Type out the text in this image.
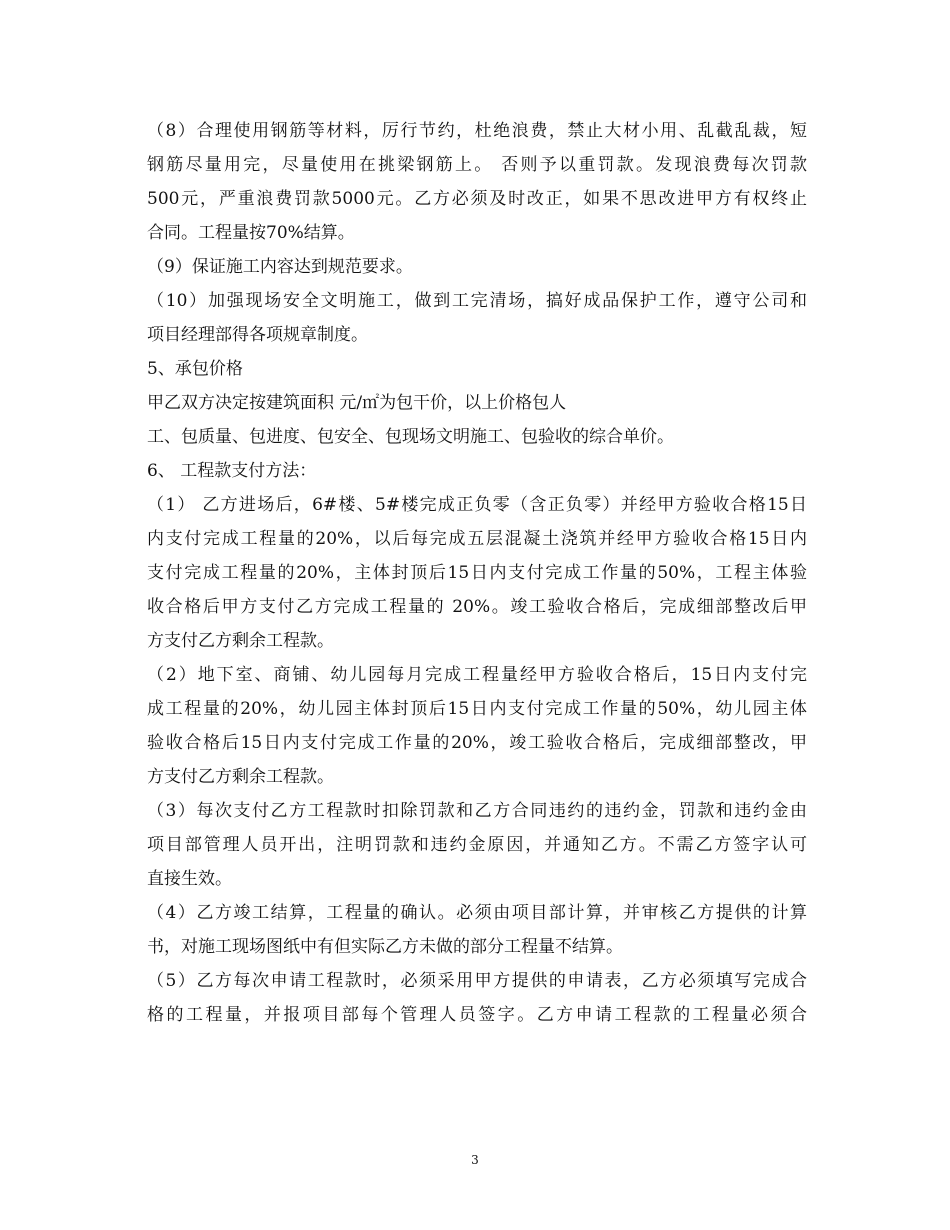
（8）合理使用钢筋等材料，厉行节约，杜绝浪费，禁止大材小用、乱截乱裁，短
钢筋尽量用完，尽量使用在挑梁钢筋上。 否则予以重罚款。发现浪费每次罚款
500元，严重浪费罚款5000元。乙方必须及时改正，如果不思改进甲方有权终止
合同。工程量按70%结算。
（9）保证施工内容达到规范要求。
（10）加强现场安全文明施工，做到工完清场，搞好成品保护工作，遵守公司和
项目经理部得各项规章制度。
5、承包价格
甲乙双方决定按建筑面积 元/㎡为包干价，以上价格包人
工、包质量、包进度、包安全、包现场文明施工、包验收的综合单价。
6、 工程款支付方法：
（1） 乙方进场后，6#楼、5#楼完成正负零（含正负零）并经甲方验收合格15日
内支付完成工程量的20%，以后每完成五层混凝土浇筑并经甲方验收合格15日内
支付完成工程量的20%，主体封顶后15日内支付完成工作量的50%，工程主体验
收合格后甲方支付乙方完成工程量的 20%。竣工验收合格后，完成细部整改后甲
方支付乙方剩余工程款。
（2）地下室、商铺、幼儿园每月完成工程量经甲方验收合格后，15日内支付完
成工程量的20%，幼儿园主体封顶后15日内支付完成工作量的50%，幼儿园主体
验收合格后15日内支付完成工作量的20%，竣工验收合格后，完成细部整改，甲
方支付乙方剩余工程款。
（3）每次支付乙方工程款时扣除罚款和乙方合同违约的违约金，罚款和违约金由
项目部管理人员开出，注明罚款和违约金原因，并通知乙方。不需乙方签字认可
直接生效。
（4）乙方竣工结算，工程量的确认。必须由项目部计算，并审核乙方提供的计算
书，对施工现场图纸中有但实际乙方未做的部分工程量不结算。
（5）乙方每次申请工程款时，必须采用甲方提供的申请表，乙方必须填写完成合
格的工程量，并报项目部每个管理人员签字。乙方申请工程款的工程量必须合
3
